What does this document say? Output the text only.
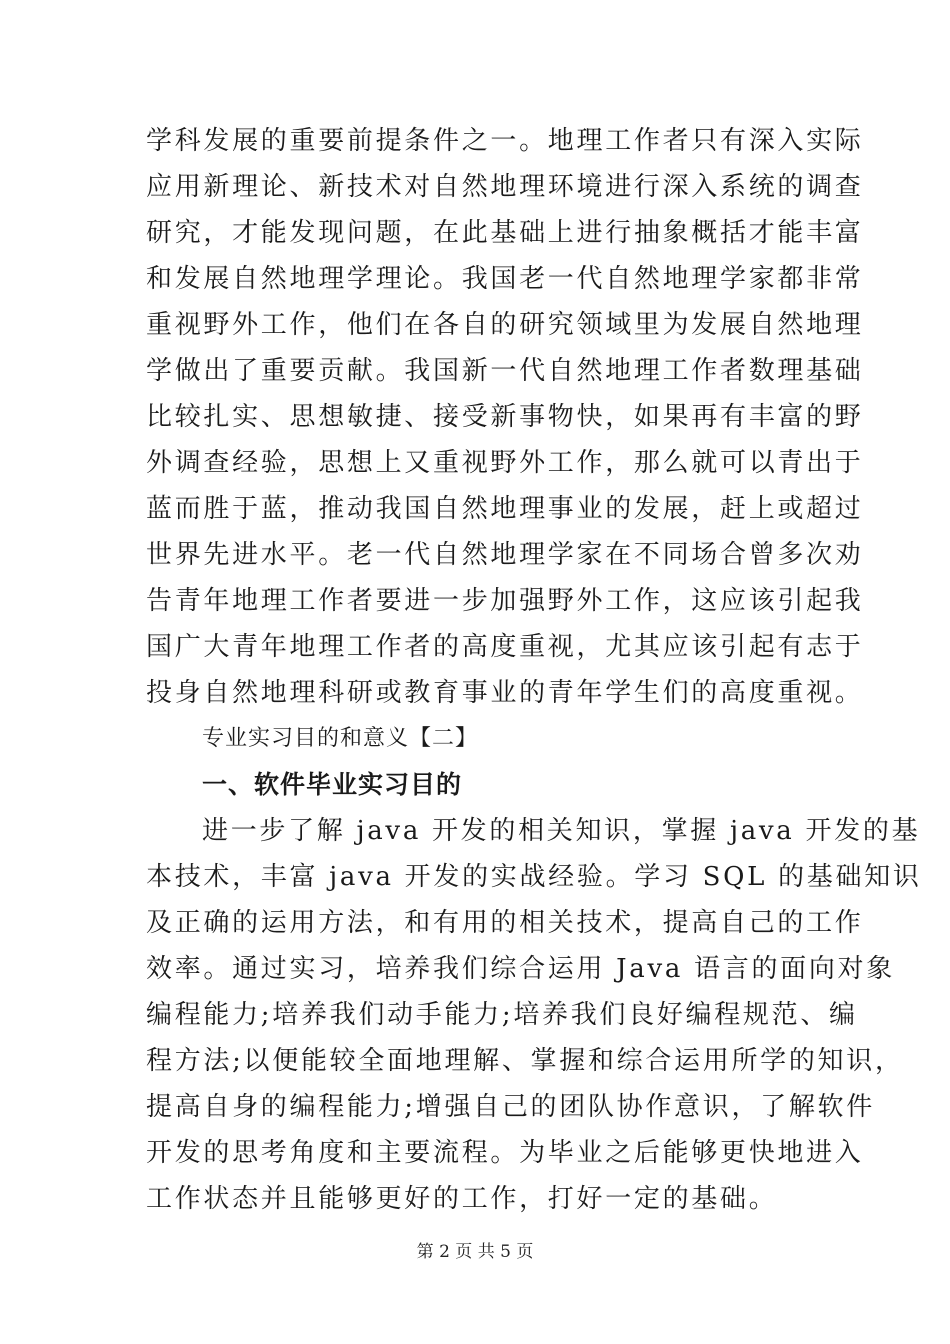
学科发展的重要前提条件之一。地理工作者只有深入实际
应用新理论、新技术对自然地理环境进行深入系统的调查
研究，才能发现问题，在此基础上进行抽象概括才能丰富
和发展自然地理学理论。我国老一代自然地理学家都非常
重视野外工作，他们在各自的研究领域里为发展自然地理
学做出了重要贡献。我国新一代自然地理工作者数理基础
比较扎实、思想敏捷、接受新事物快，如果再有丰富的野
外调查经验，思想上又重视野外工作，那么就可以青出于
蓝而胜于蓝，推动我国自然地理事业的发展，赶上或超过
世界先进水平。老一代自然地理学家在不同场合曾多次劝
告青年地理工作者要进一步加强野外工作，这应该引起我
国广大青年地理工作者的高度重视，尤其应该引起有志于
投身自然地理科研或教育事业的青年学生们的高度重视。
专业实习目的和意义【二】
一、软件毕业实习目的
进一步了解 java 开发的相关知识，掌握 java 开发的基
本技术，丰富 java 开发的实战经验。学习 SQL 的基础知识
及正确的运用方法，和有用的相关技术，提高自己的工作
效率。通过实习，培养我们综合运用 Java 语言的面向对象
编程能力;培养我们动手能力;培养我们良好编程规范、编
程方法;以便能较全面地理解、掌握和综合运用所学的知识，
提高自身的编程能力;增强自己的团队协作意识，了解软件
开发的思考角度和主要流程。为毕业之后能够更快地进入
工作状态并且能够更好的工作，打好一定的基础。
第 2 页 共 5 页
